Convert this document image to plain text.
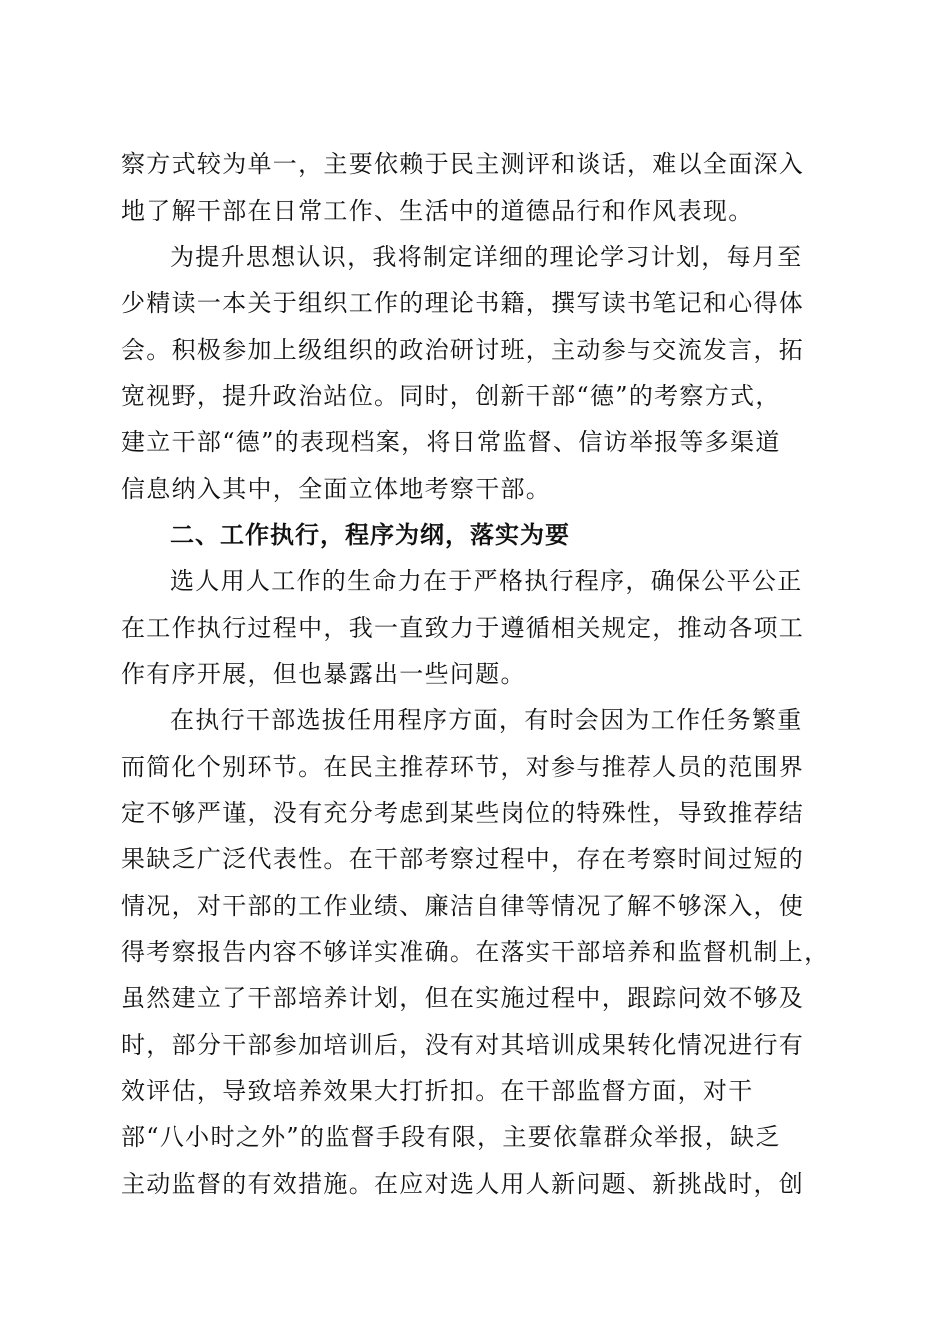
察方式较为单一，主要依赖于民主测评和谈话，难以全面深入
地了解干部在日常工作、生活中的道德品行和作风表现。
为提升思想认识，我将制定详细的理论学习计划，每月至
少精读一本关于组织工作的理论书籍，撰写读书笔记和心得体
会。积极参加上级组织的政治研讨班，主动参与交流发言，拓
宽视野，提升政治站位。同时，创新干部“德”的考察方式，
建立干部“德”的表现档案，将日常监督、信访举报等多渠道
信息纳入其中，全面立体地考察干部。
二、工作执行，程序为纲，落实为要
选人用人工作的生命力在于严格执行程序，确保公平公正
在工作执行过程中，我一直致力于遵循相关规定，推动各项工
作有序开展，但也暴露出一些问题。
在执行干部选拔任用程序方面，有时会因为工作任务繁重
而简化个别环节。在民主推荐环节，对参与推荐人员的范围界
定不够严谨，没有充分考虑到某些岗位的特殊性，导致推荐结
果缺乏广泛代表性。在干部考察过程中，存在考察时间过短的
情况，对干部的工作业绩、廉洁自律等情况了解不够深入，使
得考察报告内容不够详实准确。在落实干部培养和监督机制上，
虽然建立了干部培养计划，但在实施过程中，跟踪问效不够及
时，部分干部参加培训后，没有对其培训成果转化情况进行有
效评估，导致培养效果大打折扣。在干部监督方面，对干
部“八小时之外”的监督手段有限，主要依靠群众举报，缺乏
主动监督的有效措施。在应对选人用人新问题、新挑战时，创
